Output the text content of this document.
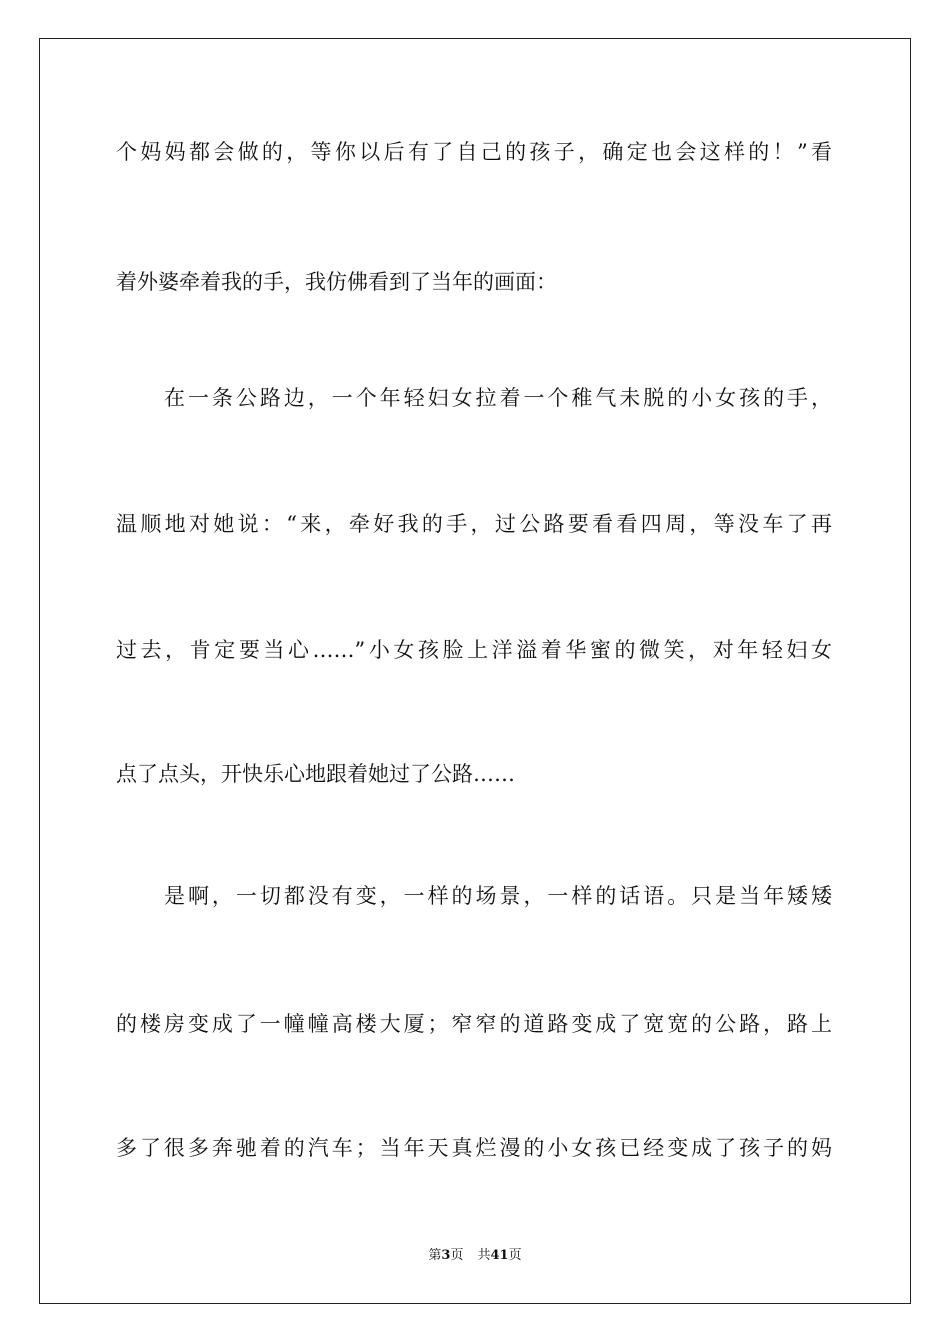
个妈妈都会做的，等你以后有了自己的孩子，确定也会这样的！”看

着外婆牵着我的手，我仿佛看到了当年的画面：

在一条公路边，一个年轻妇女拉着一个稚气未脱的小女孩的手，

温顺地对她说：“来，牵好我的手，过公路要看看四周，等没车了再

过去，肯定要当心……”小女孩脸上洋溢着华蜜的微笑，对年轻妇女

点了点头，开快乐心地跟着她过了公路……

是啊，一切都没有变，一样的场景，一样的话语。只是当年矮矮

的楼房变成了一幢幢高楼大厦；窄窄的道路变成了宽宽的公路，路上

多了很多奔驰着的汽车；当年天真烂漫的小女孩已经变成了孩子的妈

第3页 共41页
